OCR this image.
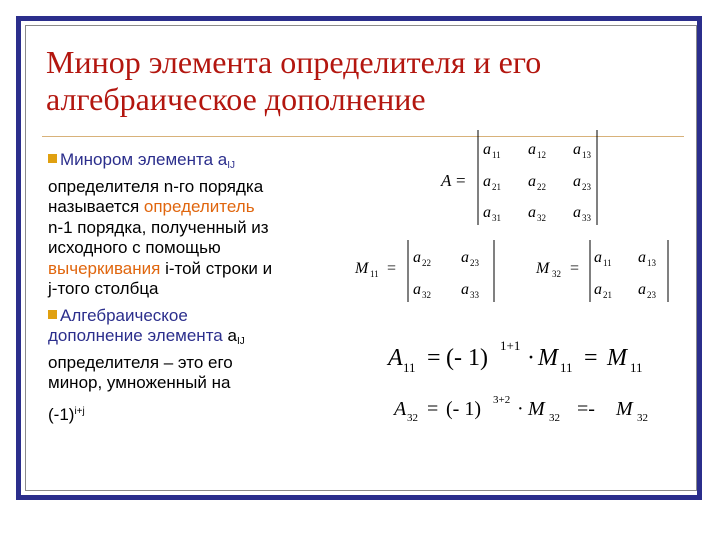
Минор элемента определителя и его алгебраическое дополнение

Минором элемента $a_{IJ}$

определителя n-го порядка

называется определитель

n-1 порядка, полученный из

исходного с помощью

вычеркивания i-той строки и

j-того столбца

Алгебраическое

дополнение элемента $a_{IJ}$

определителя – это его

минор, умноженный на

$(-1)^{i+j}$

A =
a 11 a 12 a 13
a 21 a 22 a 23
a 31 a 32 a 33
M 11 =
a 22 a 23
a 32 a 33
M 32 =
a 11 a 13
a 21 a 23
A 11 = (- 1) 1+1 · M 11 = M 11
A 32 = (- 1) 3+2 · M 32 =- M 32
